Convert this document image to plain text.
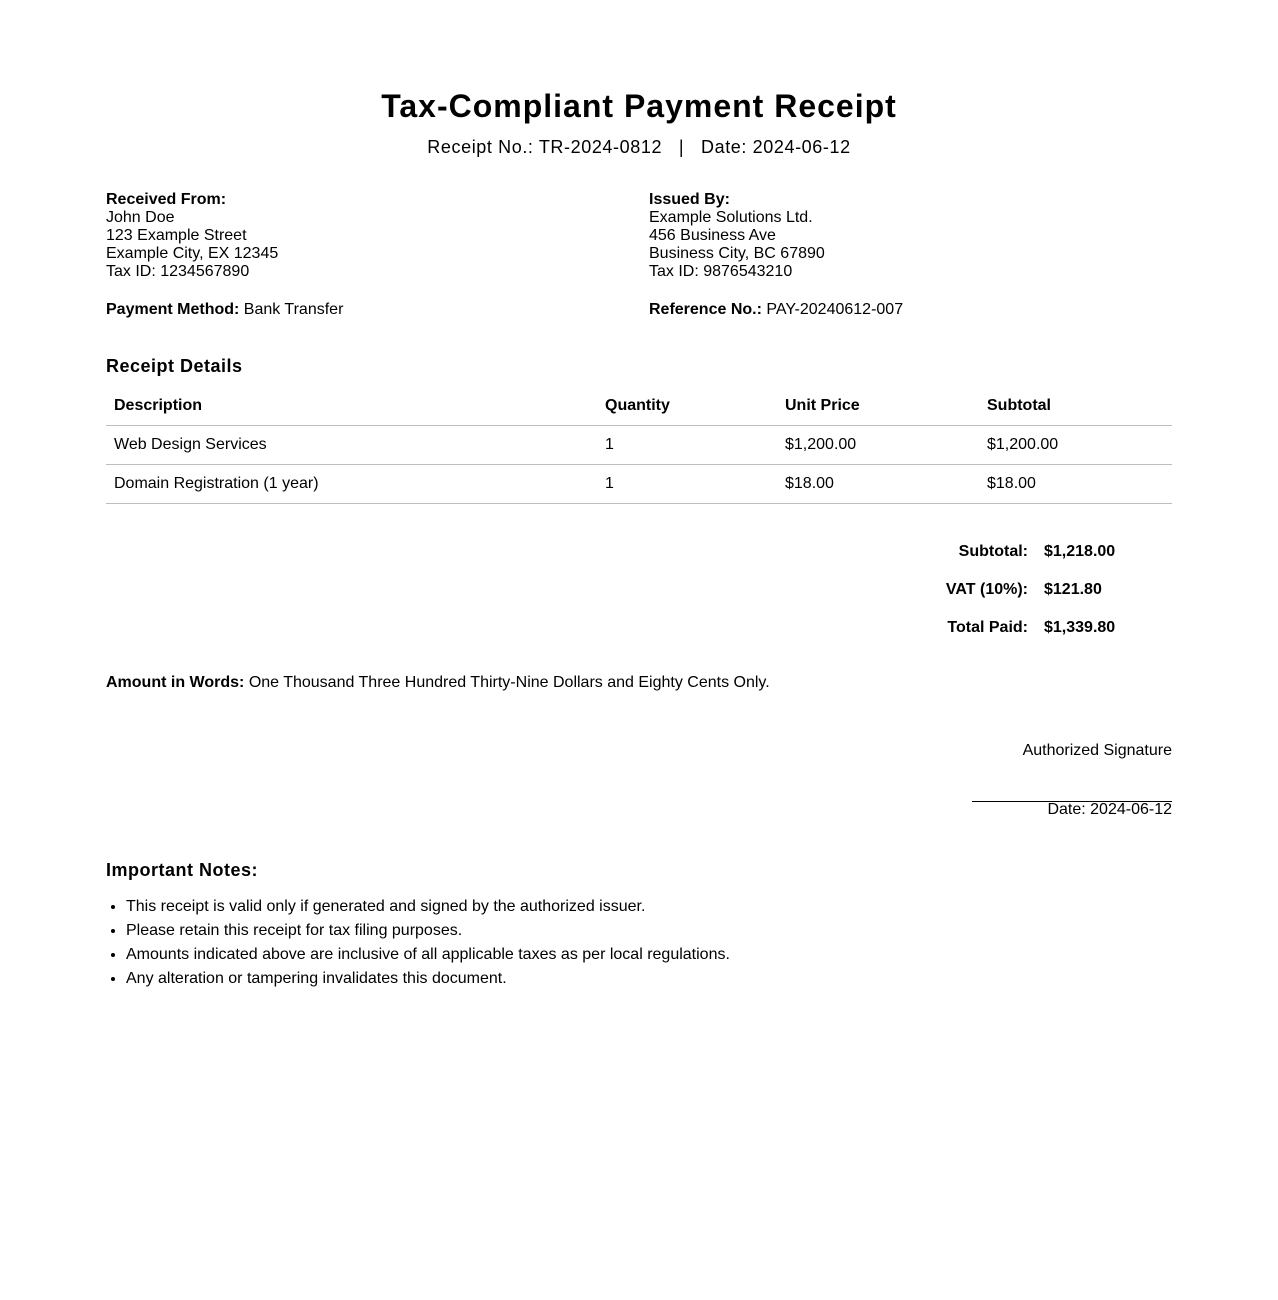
Tax-Compliant Payment Receipt
Receipt No.: TR-2024-0812 | Date: 2024-06-12
Received From:
John Doe
123 Example Street
Example City, EX 12345
Tax ID: 1234567890
Issued By:
Example Solutions Ltd.
456 Business Ave
Business City, BC 67890
Tax ID: 9876543210
Payment Method: Bank Transfer	Reference No.: PAY-20240612-007
Receipt Details
Description	Quantity	Unit Price	Subtotal
Web Design Services	1	$1,200.00	$1,200.00
Domain Registration (1 year)	1	$18.00	$18.00
Subtotal: $1,218.00
VAT (10%): $121.80
Total Paid: $1,339.80
Amount in Words: One Thousand Three Hundred Thirty-Nine Dollars and Eighty Cents Only.
Authorized Signature
Date: 2024-06-12
Important Notes:
• This receipt is valid only if generated and signed by the authorized issuer.
• Please retain this receipt for tax filing purposes.
• Amounts indicated above are inclusive of all applicable taxes as per local regulations.
• Any alteration or tampering invalidates this document.
